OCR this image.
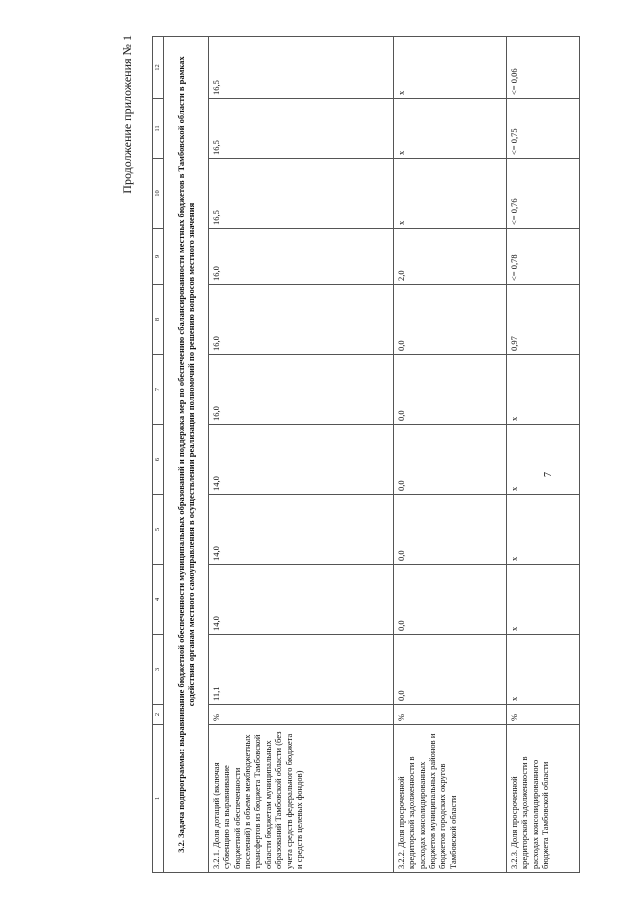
Продолжение приложения № 1
1	2	3	4	5	6	7	8	9	10	11	12
3.2. Задача подпрограммы: выравнивание бюджетной обеспеченности муниципальных образований и поддержка мер по обеспечению сбалансированности местных бюджетов в Тамбовской области в рамках содействия органам местного самоуправления в осуществлении реализации полномочий по решению вопросов местного значения											
3.2.1. Доля дотаций (включая субвенцию на выравнивание бюджетной обеспеченности поселений) в объеме межбюджетных трансфертов из бюджета Тамбовской области бюджетам муниципальных образований Тамбовской области (без учета средств федерального бюджета и средств целевых фондов)	%	11,1	14,0	14,0	14,0	16,0	16,0	16,0	16,5	16,5	16,5
3.2.2. Доля просроченной кредиторской задолженности в расходах консолидированных бюджетов муниципальных районов и бюджетов городских округов Тамбовской области	%	0,0	0,0	0,0	0,0	0,0	0,0	2,0	x	x	x
3.2.3. Доля просроченной кредиторской задолженности в расходах консолидированного бюджета Тамбовской области	%	x	x	x	x	x	0,97	<= 0,78	<= 0,76	<= 0,75	<= 0,06
7
